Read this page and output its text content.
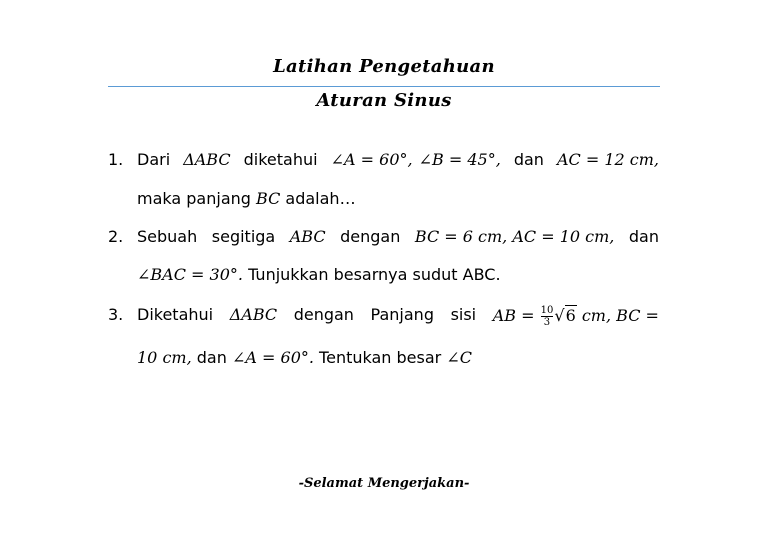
Latihan Pengetahuan
Aturan Sinus
1. Dari ΔABC diketahui ∠A = 60°, ∠B = 45°, dan AC = 12 cm,
maka panjang BC adalah…
2. Sebuah segitiga ABC dengan BC = 6 cm, AC = 10 cm, dan
∠BAC = 30°. Tunjukkan besarnya sudut ABC.
3. Diketahui ΔABC dengan Panjang sisi AB = $\frac{10}{3} √6$ cm, BC =
10 cm, dan ∠A = 60°. Tentukan besar ∠C
-Selamat Mengerjakan-
